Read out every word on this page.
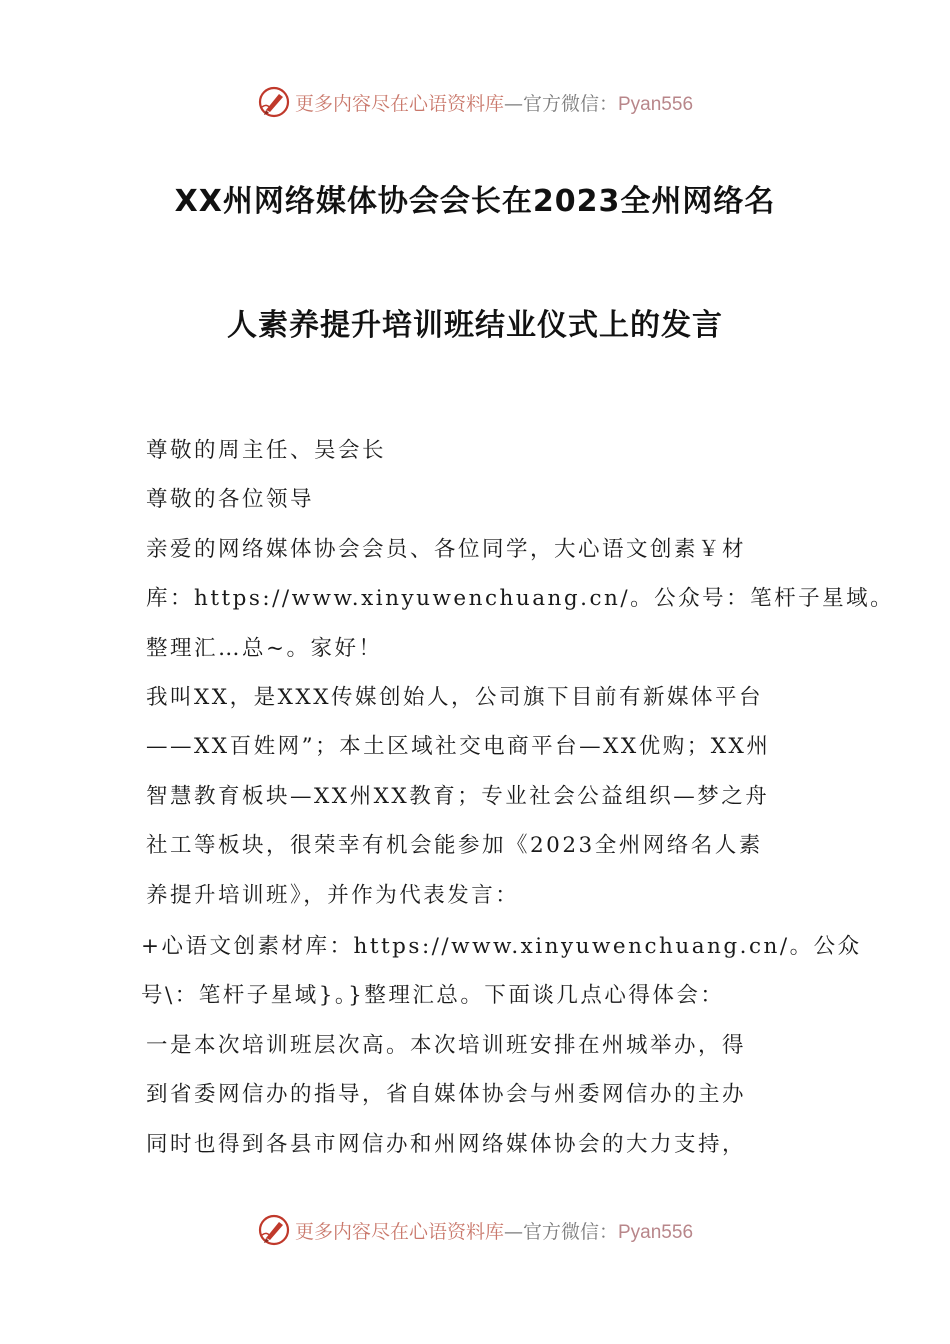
更多内容尽在心语资料库—官方微信：Pyan556
XX州网络媒体协会会长在2023全州网络名
人素养提升培训班结业仪式上的发言
尊敬的周主任、吴会长
尊敬的各位领导
亲爱的网络媒体协会会员、各位同学，大心语文创素￥材
库：https://www.xinyuwenchuang.cn/。公众号：笔杆子星域。
整理汇…总~。家好！
我叫XX，是XXX传媒创始人，公司旗下目前有新媒体平台
——XX百姓网”；本土区域社交电商平台—XX优购；XX州
智慧教育板块—XX州XX教育；专业社会公益组织—梦之舟
社工等板块，很荣幸有机会能参加《2023全州网络名人素
养提升培训班》，并作为代表发言：
+心语文创素材库：https://www.xinyuwenchuang.cn/。公众
号\：笔杆子星域}。}整理汇总。下面谈几点心得体会：
一是本次培训班层次高。本次培训班安排在州城举办，得
到省委网信办的指导，省自媒体协会与州委网信办的主办
同时也得到各县市网信办和州网络媒体协会的大力支持，
更多内容尽在心语资料库—官方微信：Pyan556
